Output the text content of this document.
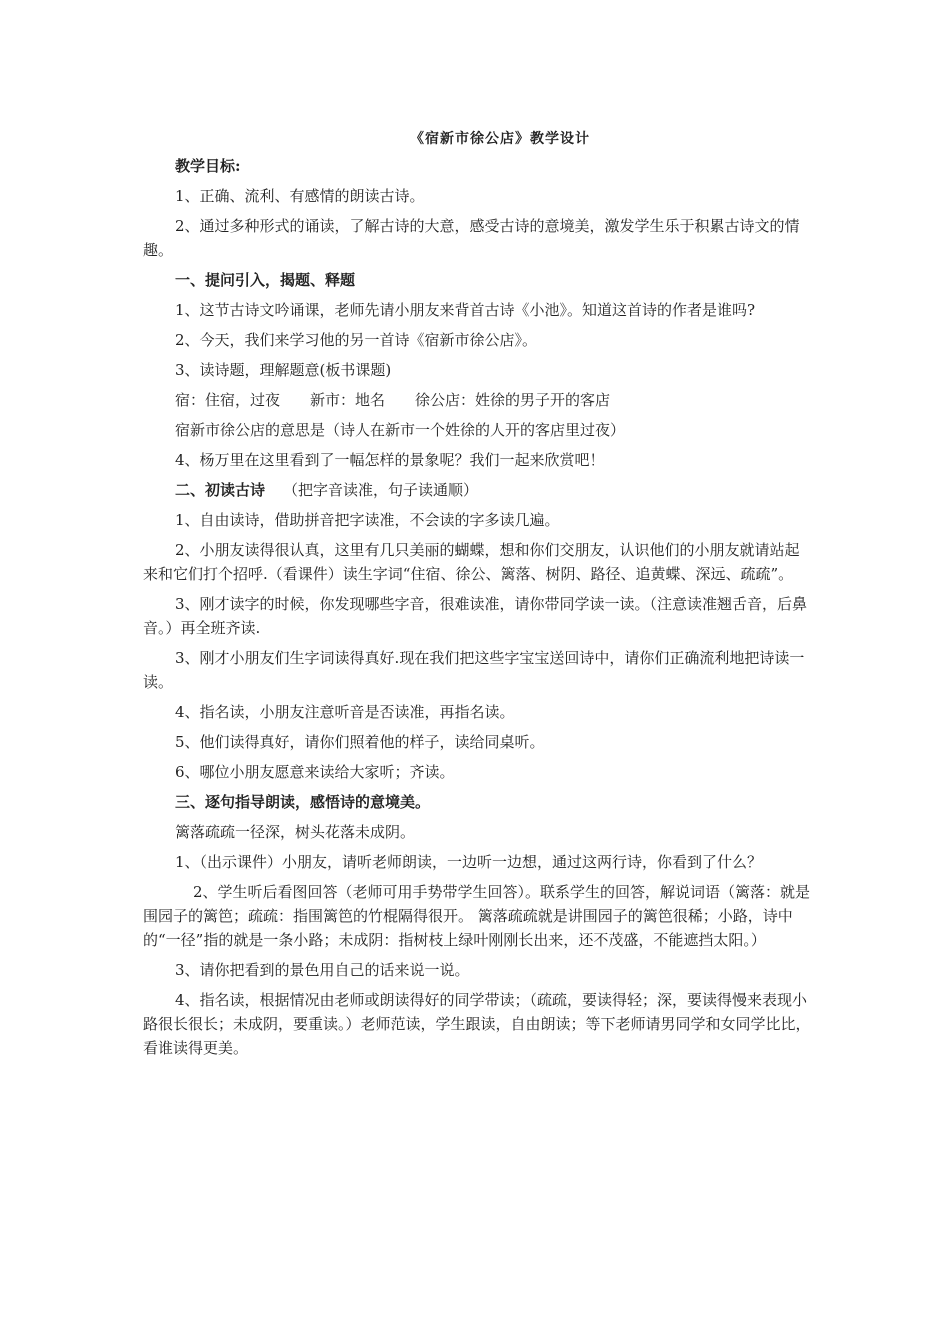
《宿新市徐公店》教学设计

教学目标:

1、正确、流利、有感情的朗读古诗。

2、通过多种形式的诵读，了解古诗的大意，感受古诗的意境美，激发学生乐于积累古诗文的情趣。

一、提问引入，揭题、释题

1、这节古诗文吟诵课，老师先请小朋友来背首古诗《小池》。知道这首诗的作者是谁吗?

2、今天，我们来学习他的另一首诗《宿新市徐公店》。

3、读诗题，理解题意(板书课题)

宿：住宿，过夜 新市：地名 徐公店：姓徐的男子开的客店

宿新市徐公店的意思是（诗人在新市一个姓徐的人开的客店里过夜）

4、杨万里在这里看到了一幅怎样的景象呢？我们一起来欣赏吧！

二、初读古诗 （把字音读准，句子读通顺）

1、自由读诗，借助拼音把字读准，不会读的字多读几遍。

2、小朋友读得很认真，这里有几只美丽的蝴蝶，想和你们交朋友，认识他们的小朋友就请站起来和它们打个招呼.（看课件）读生字词“住宿、徐公、篱落、树阴、路径、追黄蝶、深远、疏疏”。

3、刚才读字的时候，你发现哪些字音，很难读准，请你带同学读一读。（注意读准翘舌音，后鼻音。）再全班齐读.

3、刚才小朋友们生字词读得真好.现在我们把这些字宝宝送回诗中，请你们正确流利地把诗读一读。

4、指名读，小朋友注意听音是否读准，再指名读。

5、他们读得真好，请你们照着他的样子，读给同桌听。

6、哪位小朋友愿意来读给大家听；齐读。

三、逐句指导朗读，感悟诗的意境美。

篱落疏疏一径深，树头花落未成阴。

1、（出示课件）小朋友，请听老师朗读，一边听一边想，通过这两行诗，你看到了什么？

2、学生听后看图回答（老师可用手势带学生回答）。联系学生的回答，解说词语（篱落：就是围园子的篱笆；疏疏：指围篱笆的竹棍隔得很开。 篱落疏疏就是讲围园子的篱笆很稀；小路，诗中的“一径”指的就是一条小路；未成阴：指树枝上绿叶刚刚长出来，还不茂盛，不能遮挡太阳。）

3、请你把看到的景色用自己的话来说一说。

4、指名读，根据情况由老师或朗读得好的同学带读；（疏疏，要读得轻；深，要读得慢来表现小路很长很长；未成阴，要重读。）老师范读，学生跟读，自由朗读；等下老师请男同学和女同学比比，看谁读得更美。
